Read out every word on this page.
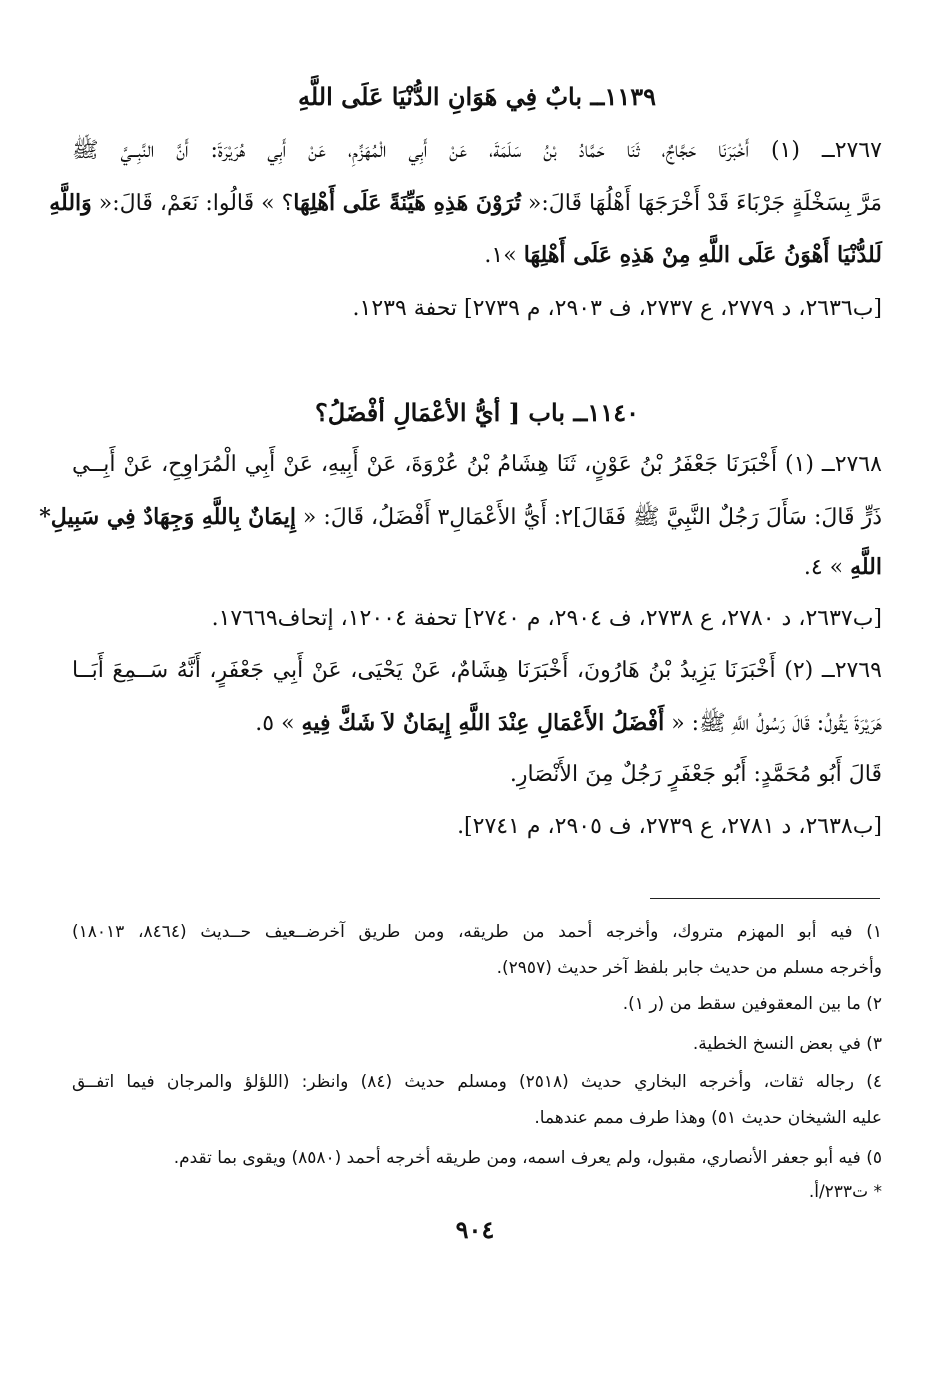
١١٣٩ــ بابٌ فِي هَوَانِ الدُّنْيَا عَلَى اللَّهِ
٢٧٦٧ــ (١) أَخْبَرَنَا حَجَّاجٌ، ثَنَا حَمَّادُ بْنُ سَلَمَةَ، عَنْ أَبِي الْمُهَزِّمِ، عَنْ أَبِي هُرَيْرَةَ: أَنَّ النَّبِــيَّ ﷺ
مَرَّ بِسَخْلَةٍ جَرْبَاءَ قَدْ أَخْرَجَهَا أَهْلُهَا قَالَ:« تُرَوْنَ هَذِهِ هَيِّنَةً عَلَى أَهْلِهَا؟ » قَالُوا: نَعَمْ، قَالَ:« وَاللَّهِ
لَلدُّنْيَا أَهْوَنُ عَلَى اللَّهِ مِنْ هَذِهِ عَلَى أَهْلِهَا »١.
[ب٢٦٣٦، د ٢٧٧٩، ع ٢٧٣٧، ف ٢٩٠٣، م ٢٧٣٩] تحفة ١٢٣٩.
١١٤٠ــ باب [ أيُّ الأعْمَالِ أفْضَلُ؟
٢٧٦٨ــ (١) أَخْبَرَنَا جَعْفَرُ بْنُ عَوْنٍ، ثَنَا هِشَامُ بْنُ عُرْوَةَ، عَنْ أَبِيهِ، عَنْ أَبِي الْمُرَاوِحِ، عَنْ أَبِــي
ذَرٍّ قَالَ: سَأَلَ رَجُلٌ النَّبِيَّ ﷺ فَقَالَ]٢: أَيُّ الأَعْمَالِ٣ أَفْضَلُ، قَالَ: « إِيمَانٌ بِاللَّهِ وَجِهَادٌ فِي سَبِيلِ*
اللَّهِ » ٤.
[ب٢٦٣٧، د ٢٧٨٠، ع ٢٧٣٨، ف ٢٩٠٤، م ٢٧٤٠] تحفة ١٢٠٠٤، إتحاف١٧٦٦٩.
٢٧٦٩ــ (٢) أَخْبَرَنَا يَزِيدُ بْنُ هَارُونَ، أَخْبَرَنَا هِشَامٌ، عَنْ يَحْيَى، عَنْ أَبِي جَعْفَرٍ، أَنَّهُ سَــمِعَ أَبَــا
هَرَيْرَةَ يَقُولُ: قَالَ رَسُولُ اللَّهِ ﷺ: « أَفْضَلُ الأَعْمَالِ عِنْدَ اللَّهِ إِيمَانٌ لاَ شَكَّ فِيهِ » ٥.
قَالَ أَبُو مُحَمَّدٍ: أَبُو جَعْفَرٍ رَجُلٌ مِنَ الأَنْصَارِ.
[ب٢٦٣٨، د ٢٧٨١، ع ٢٧٣٩، ف ٢٩٠٥، م ٢٧٤١].
١) فيه أبو المهزم متروك، وأخرجه أحمد من طريقه، ومن طريق آخرضــعيف حــديث (٨٤٦٤، ١٨٠١٣)
وأخرجه مسلم من حديث جابر بلفظ آخر حديث (٢٩٥٧).
٢) ما بين المعقوفين سقط من (ر ١).
٣) في بعض النسخ الخطية.
٤) رجاله ثقات، وأخرجه البخاري حديث (٢٥١٨) ومسلم حديث (٨٤) وانظر: (اللؤلؤ والمرجان فيما اتفــق
عليه الشيخان حديث ٥١) وهذا طرف ممم عندهما.
٥) فيه أبو جعفر الأنصاري، مقبول، ولم يعرف اسمه، ومن طريقه أخرجه أحمد (٨٥٨٠) ويقوى بما تقدم.
* ت٢٣٣/أ.
٩٠٤
